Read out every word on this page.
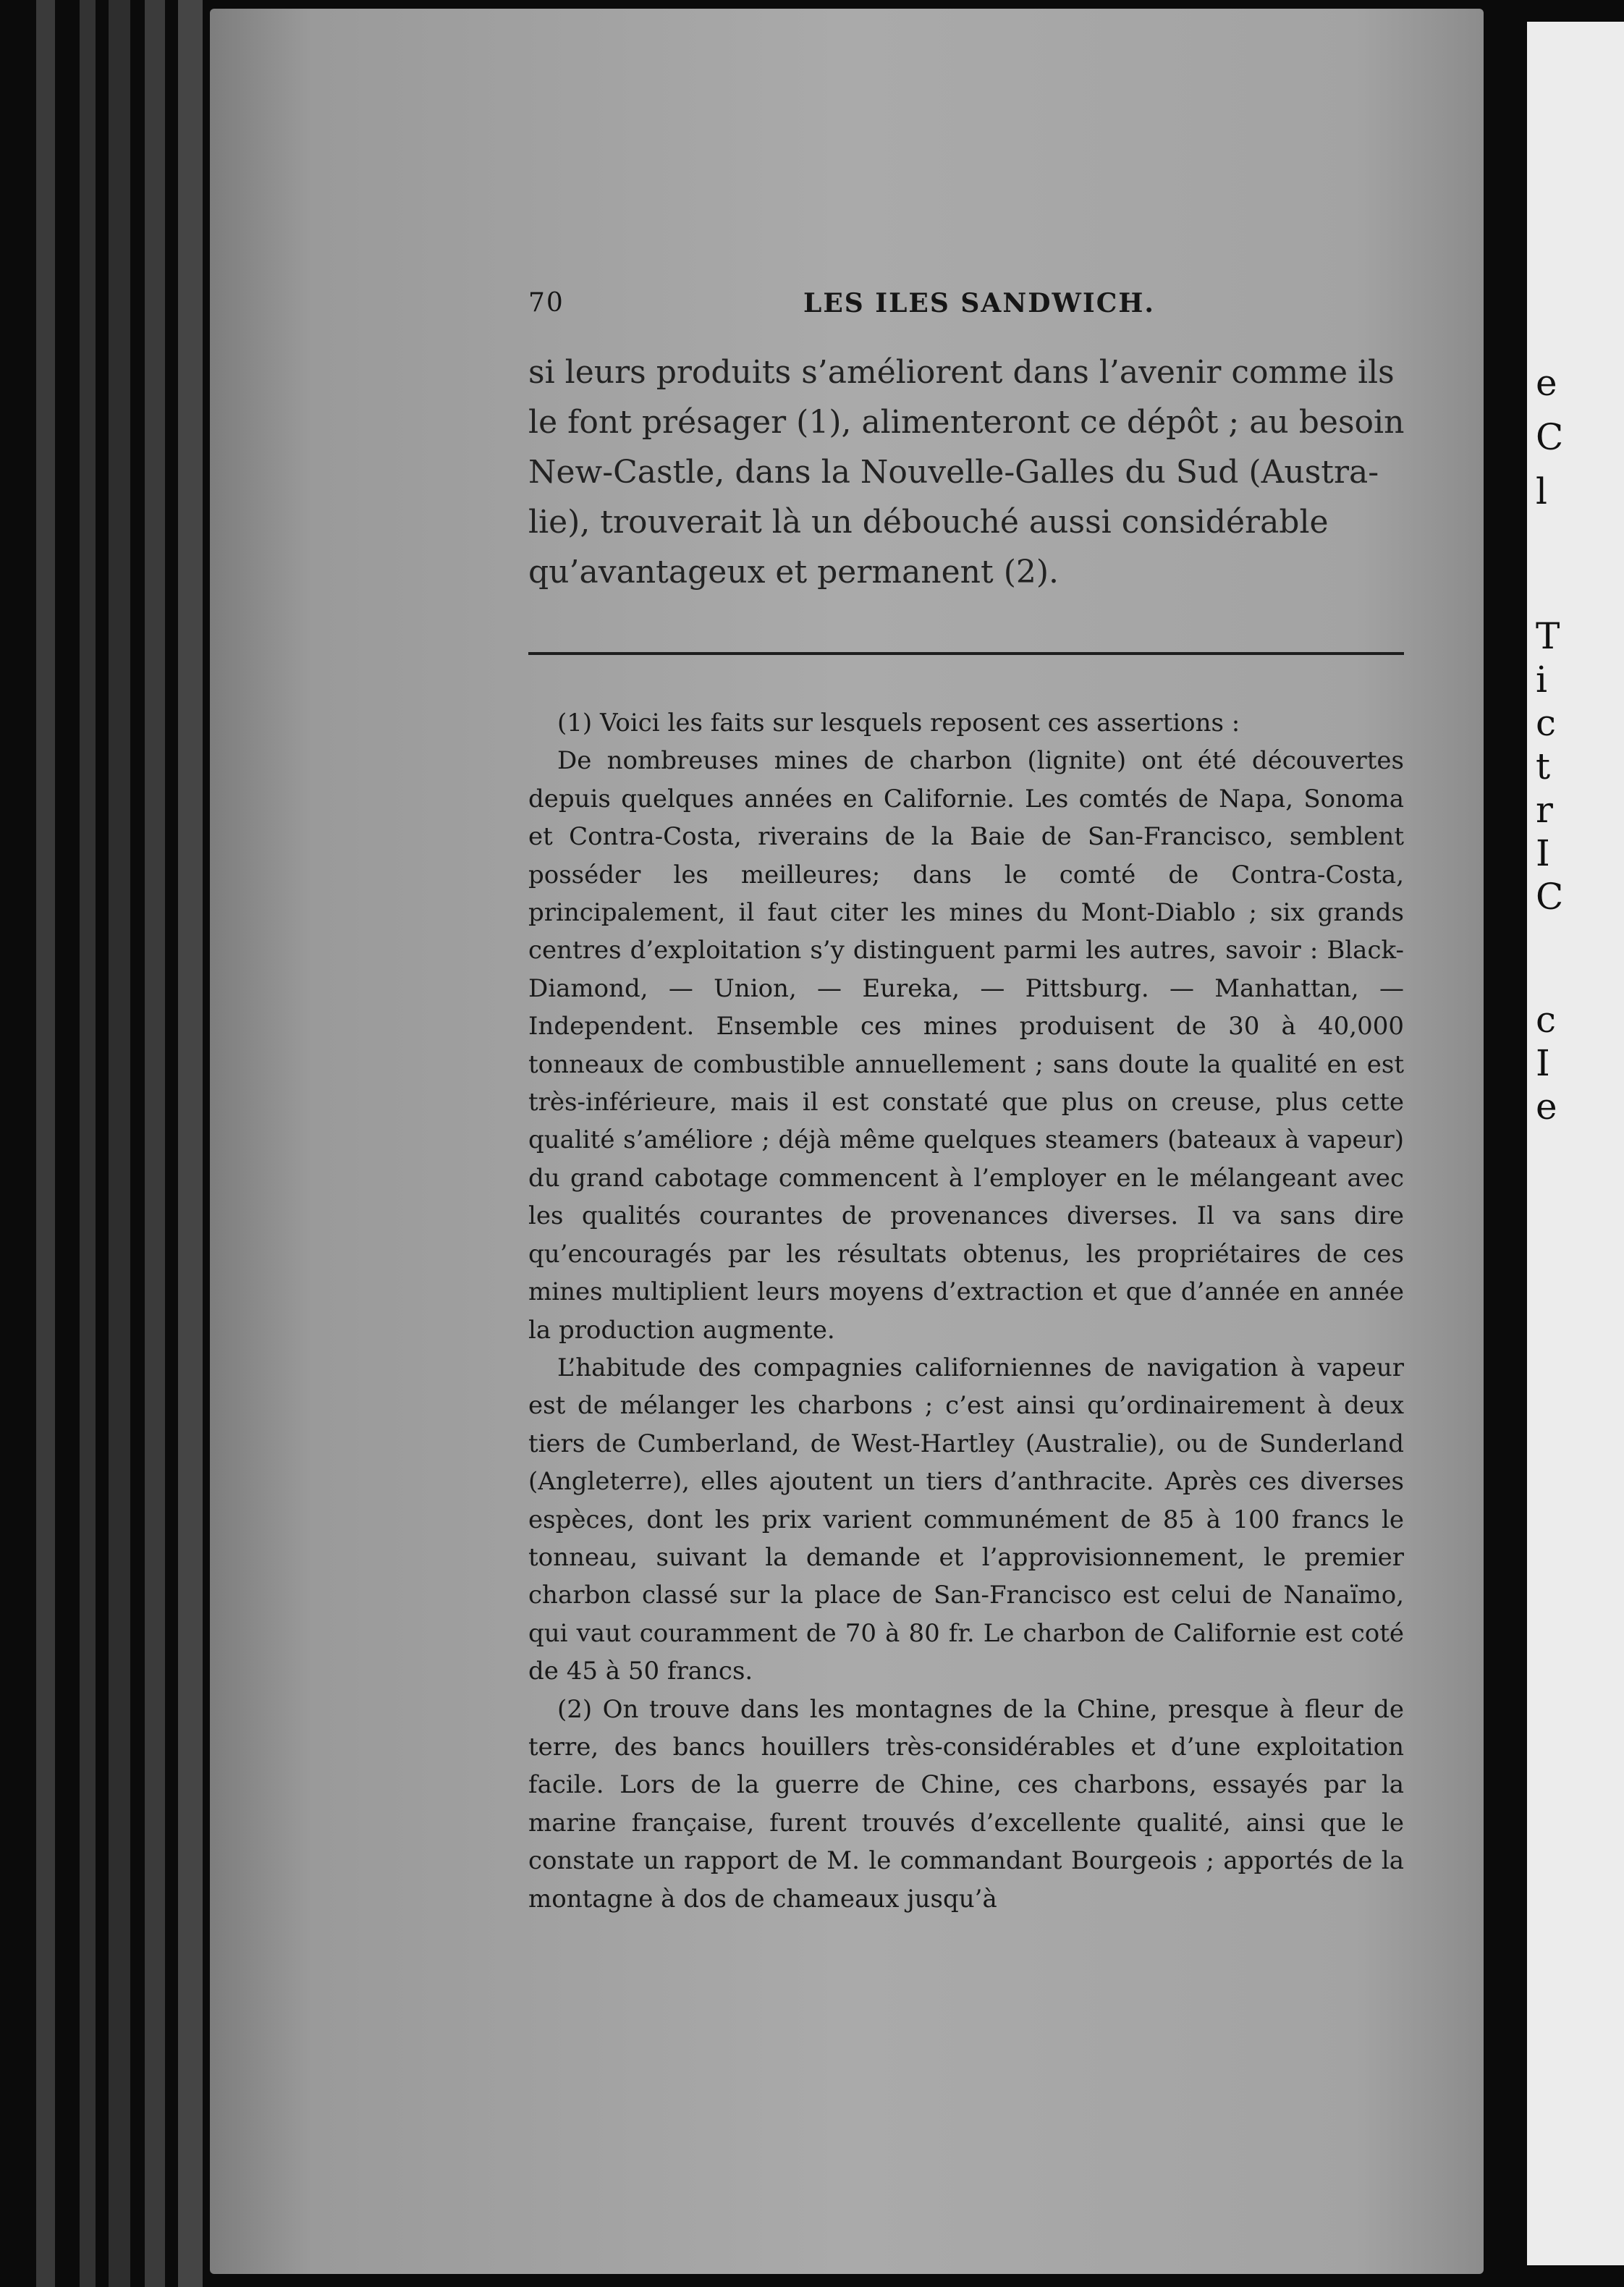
e
C
l
T
i
c
t
r
I
C
c
I
e
70	LES ILES SANDWICH.
si leurs produits s’améliorent dans l’avenir comme ils
le font présager (1), alimenteront ce dépôt ; au besoin
New-Castle, dans la Nouvelle-Galles du Sud (Austra-
lie), trouverait là un débouché aussi considérable
qu’avantageux et permanent (2).

(1) Voici les faits sur lesquels reposent ces assertions :

De nombreuses mines de charbon (lignite) ont été découvertes depuis quelques années en Californie. Les comtés de Napa, Sonoma et Contra-Costa, riverains de la Baie de San-Francisco, semblent posséder les meilleures; dans le comté de Contra-Costa, principalement, il faut citer les mines du Mont-Diablo ; six grands centres d’exploitation s’y distinguent parmi les autres, savoir : Black-Diamond, — Union, — Eureka, — Pittsburg. — Manhattan, — Independent. Ensemble ces mines produisent de 30 à 40,000 tonneaux de combustible annuellement ; sans doute la qualité en est très-inférieure, mais il est constaté que plus on creuse, plus cette qualité s’améliore ; déjà même quelques steamers (bateaux à vapeur) du grand cabotage commencent à l’employer en le mélangeant avec les qualités courantes de provenances diverses. Il va sans dire qu’encouragés par les résultats obtenus, les propriétaires de ces mines multiplient leurs moyens d’extraction et que d’année en année la production augmente.

L’habitude des compagnies californiennes de navigation à vapeur est de mélanger les charbons ; c’est ainsi qu’ordinairement à deux tiers de Cumberland, de West-Hartley (Australie), ou de Sunderland (Angleterre), elles ajoutent un tiers d’anthracite. Après ces diverses espèces, dont les prix varient communément de 85 à 100 francs le tonneau, suivant la demande et l’approvisionnement, le premier charbon classé sur la place de San-Francisco est celui de Nanaïmo, qui vaut couramment de 70 à 80 fr. Le charbon de Californie est coté de 45 à 50 francs.

(2) On trouve dans les montagnes de la Chine, presque à fleur de terre, des bancs houillers très-considérables et d’une exploitation facile. Lors de la guerre de Chine, ces charbons, essayés par la marine française, furent trouvés d’excellente qualité, ainsi que le constate un rapport de M. le commandant Bourgeois ; apportés de la montagne à dos de chameaux jusqu’à
